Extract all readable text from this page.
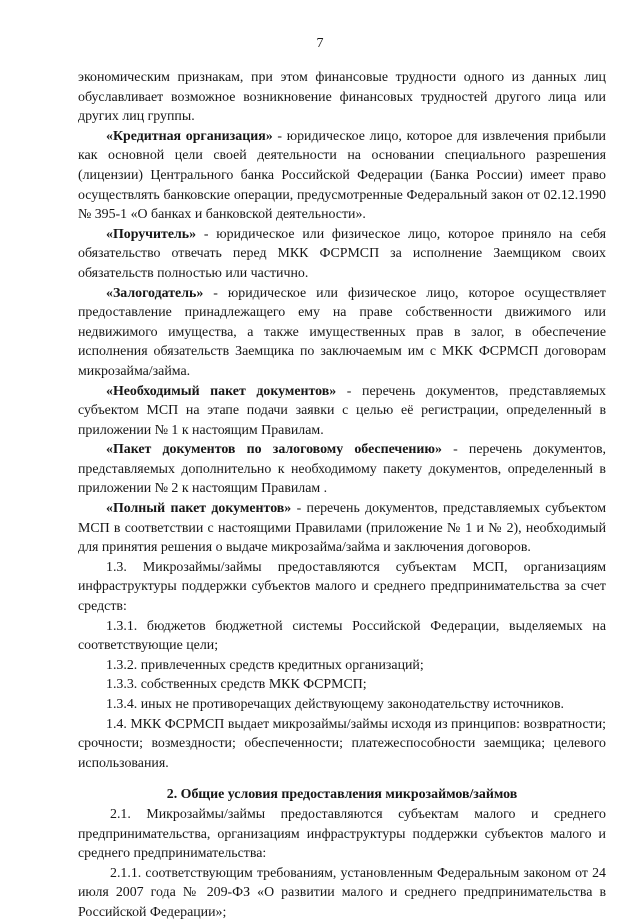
7

экономическим признакам, при этом финансовые трудности одного из данных лиц обуславливает возможное возникновение финансовых трудностей другого лица или других лиц группы.

«Кредитная организация» - юридическое лицо, которое для извлечения прибыли как основной цели своей деятельности на основании специального разрешения (лицензии) Центрального банка Российской Федерации (Банка России) имеет право осуществлять банковские операции, предусмотренные Федеральный закон от 02.12.1990 № 395-1 «О банках и банковской деятельности».

«Поручитель» - юридическое или физическое лицо, которое приняло на себя обязательство отвечать перед МКК ФСРМСП за исполнение Заемщиком своих обязательств полностью или частично.

«Залогодатель» - юридическое или физическое лицо, которое осуществляет предоставление принадлежащего ему на праве собственности движимого или недвижимого имущества, а также имущественных прав в залог, в обеспечение исполнения обязательств Заемщика по заключаемым им с МКК ФСРМСП договорам микрозайма/займа.

«Необходимый пакет документов» - перечень документов, представляемых субъектом МСП на этапе подачи заявки с целью её регистрации, определенный в приложении № 1 к настоящим Правилам.

«Пакет документов по залоговому обеспечению» - перечень документов, представляемых дополнительно к необходимому пакету документов, определенный в приложении № 2 к настоящим Правилам .

«Полный пакет документов» - перечень документов, представляемых субъектом МСП в соответствии с настоящими Правилами (приложение № 1 и № 2), необходимый для принятия решения о выдаче микрозайма/займа и заключения договоров.

1.3. Микрозаймы/займы предоставляются субъектам МСП, организациям инфраструктуры поддержки субъектов малого и среднего предпринимательства за счет средств:

1.3.1. бюджетов бюджетной системы Российской Федерации, выделяемых на соответствующие цели;

1.3.2. привлеченных средств кредитных организаций;

1.3.3. собственных средств МКК ФСРМСП;

1.3.4. иных не противоречащих действующему законодательству источников.

1.4. МКК ФСРМСП выдает микрозаймы/займы исходя из принципов: возвратности; срочности; возмездности; обеспеченности; платежеспособности заемщика; целевого использования.

2. Общие условия предоставления микрозаймов/займов

2.1. Микрозаймы/займы предоставляются субъектам малого и среднего предпринимательства, организациям инфраструктуры поддержки субъектов малого и среднего предпринимательства:

2.1.1. соответствующим требованиям, установленным Федеральным законом от 24 июля 2007 года № 209-ФЗ «О развитии малого и среднего предпринимательства в Российской Федерации»;
